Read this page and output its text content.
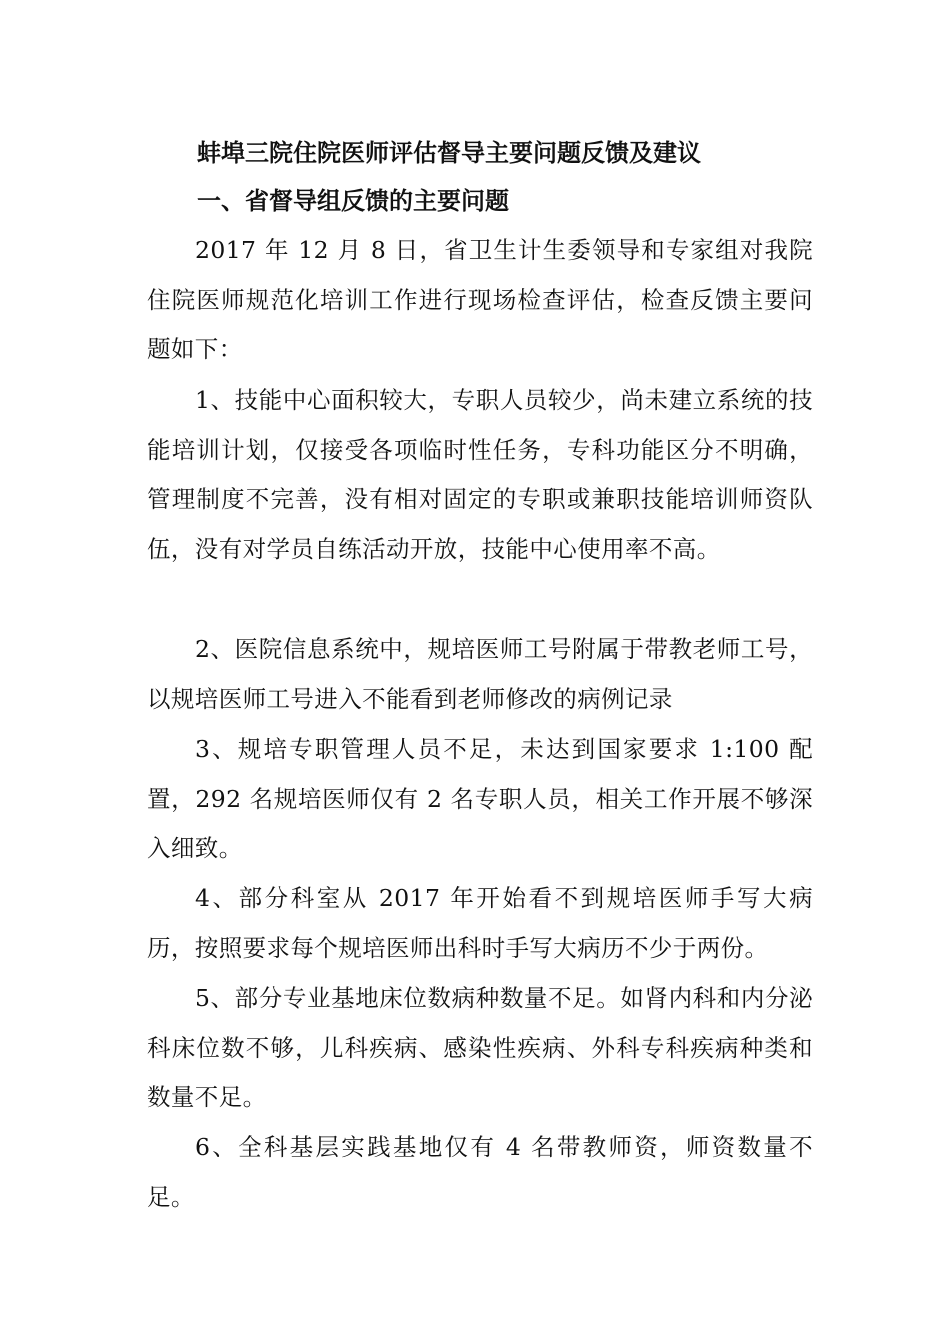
蚌埠三院住院医师评估督导主要问题反馈及建议
一、省督导组反馈的主要问题

2017 年 12 月 8 日，省卫生计生委领导和专家组对我院住院医师规范化培训工作进行现场检查评估，检查反馈主要问题如下：

1、技能中心面积较大，专职人员较少，尚未建立系统的技能培训计划，仅接受各项临时性任务，专科功能区分不明确，管理制度不完善，没有相对固定的专职或兼职技能培训师资队伍，没有对学员自练活动开放，技能中心使用率不高。

2、医院信息系统中，规培医师工号附属于带教老师工号，以规培医师工号进入不能看到老师修改的病例记录

3、规培专职管理人员不足，未达到国家要求 1:100 配置，292 名规培医师仅有 2 名专职人员，相关工作开展不够深入细致。

4、部分科室从 2017 年开始看不到规培医师手写大病历，按照要求每个规培医师出科时手写大病历不少于两份。

5、部分专业基地床位数病种数量不足。如肾内科和内分泌科床位数不够，儿科疾病、感染性疾病、外科专科疾病种类和数量不足。

6、全科基层实践基地仅有 4 名带教师资，师资数量不足。
